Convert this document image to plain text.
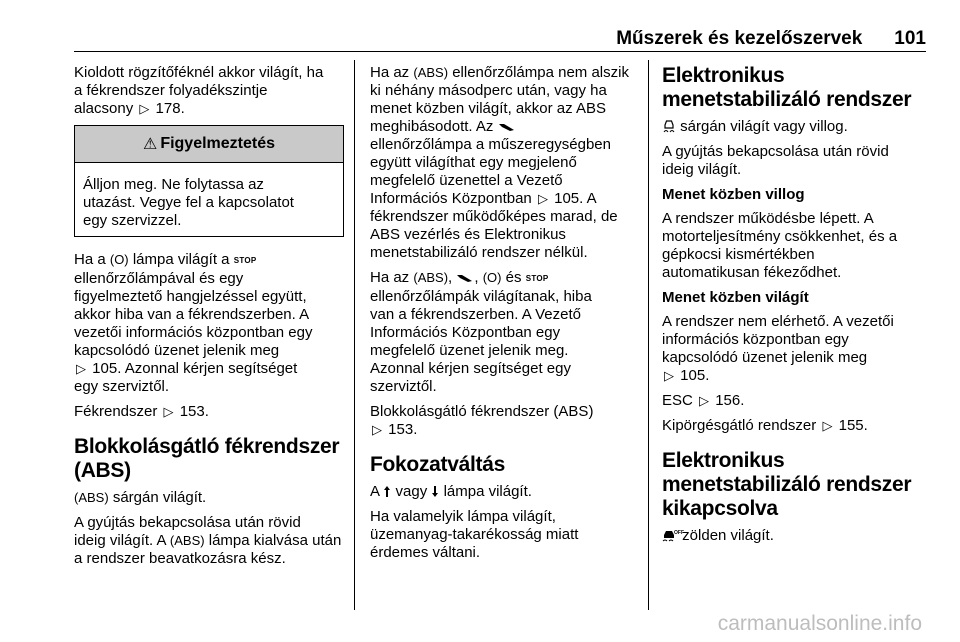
Műszerek és kezelőszervek 101

Kioldott rögzítőféknél akkor világít, ha
a fékrendszer folyadékszintje
alacsony ▷ 178.

⚠ Figyelmeztetés

Álljon meg. Ne folytassa az
utazást. Vegye fel a kapcsolatot
egy szervizzel.

Ha a (O) lámpa világít a STOP
ellenőrzőlámpával és egy
figyelmeztető hangjelzéssel együtt,
akkor hiba van a fékrendszerben. A
vezetői információs központban egy
kapcsolódó üzenet jelenik meg
▷ 105. Azonnal kérjen segítséget
egy szerviztől.

Fékrendszer ▷ 153.

Blokkolásgátló fékrendszer
(ABS)

(ABS) sárgán világít.

A gyújtás bekapcsolása után rövid
ideig világít. A (ABS) lámpa kialvása után
a rendszer beavatkozásra kész.

Ha az (ABS) ellenőrzőlámpa nem alszik
ki néhány másodperc után, vagy ha
menet közben világít, akkor az ABS
meghibásodott. Az
ellenőrzőlámpa a műszeregységben
együtt világíthat egy megjelenő
megfelelő üzenettel a Vezető
Információs Központban ▷ 105. A
fékrendszer működőképes marad, de
ABS vezérlés és Elektronikus
menetstabilizáló rendszer nélkül.

Ha az (ABS), , (O) és STOP
ellenőrzőlámpák világítanak, hiba
van a fékrendszerben. A Vezető
Információs Központban egy
megfelelő üzenet jelenik meg.
Azonnal kérjen segítséget egy
szerviztől.

Blokkolásgátló fékrendszer (ABS)
▷ 153.

Fokozatváltás

A vagy lámpa világít.

Ha valamelyik lámpa világít,
üzemanyag-takarékosság miatt
érdemes váltani.

Elektronikus
menetstabilizáló rendszer

sárgán világít vagy villog.

A gyújtás bekapcsolása után rövid
ideig világít.

Menet közben villog

A rendszer működésbe lépett. A
motorteljesítmény csökkenhet, és a
gépkocsi kismértékben
automatikusan fékeződhet.

Menet közben világít

A rendszer nem elérhető. A vezetői
információs központban egy
kapcsolódó üzenet jelenik meg
▷ 105.

ESC ▷ 156.

Kipörgésgátló rendszer ▷ 155.

Elektronikus
menetstabilizáló rendszer
kikapcsolva

OFF
zölden világít.

carmanualsonline.info
